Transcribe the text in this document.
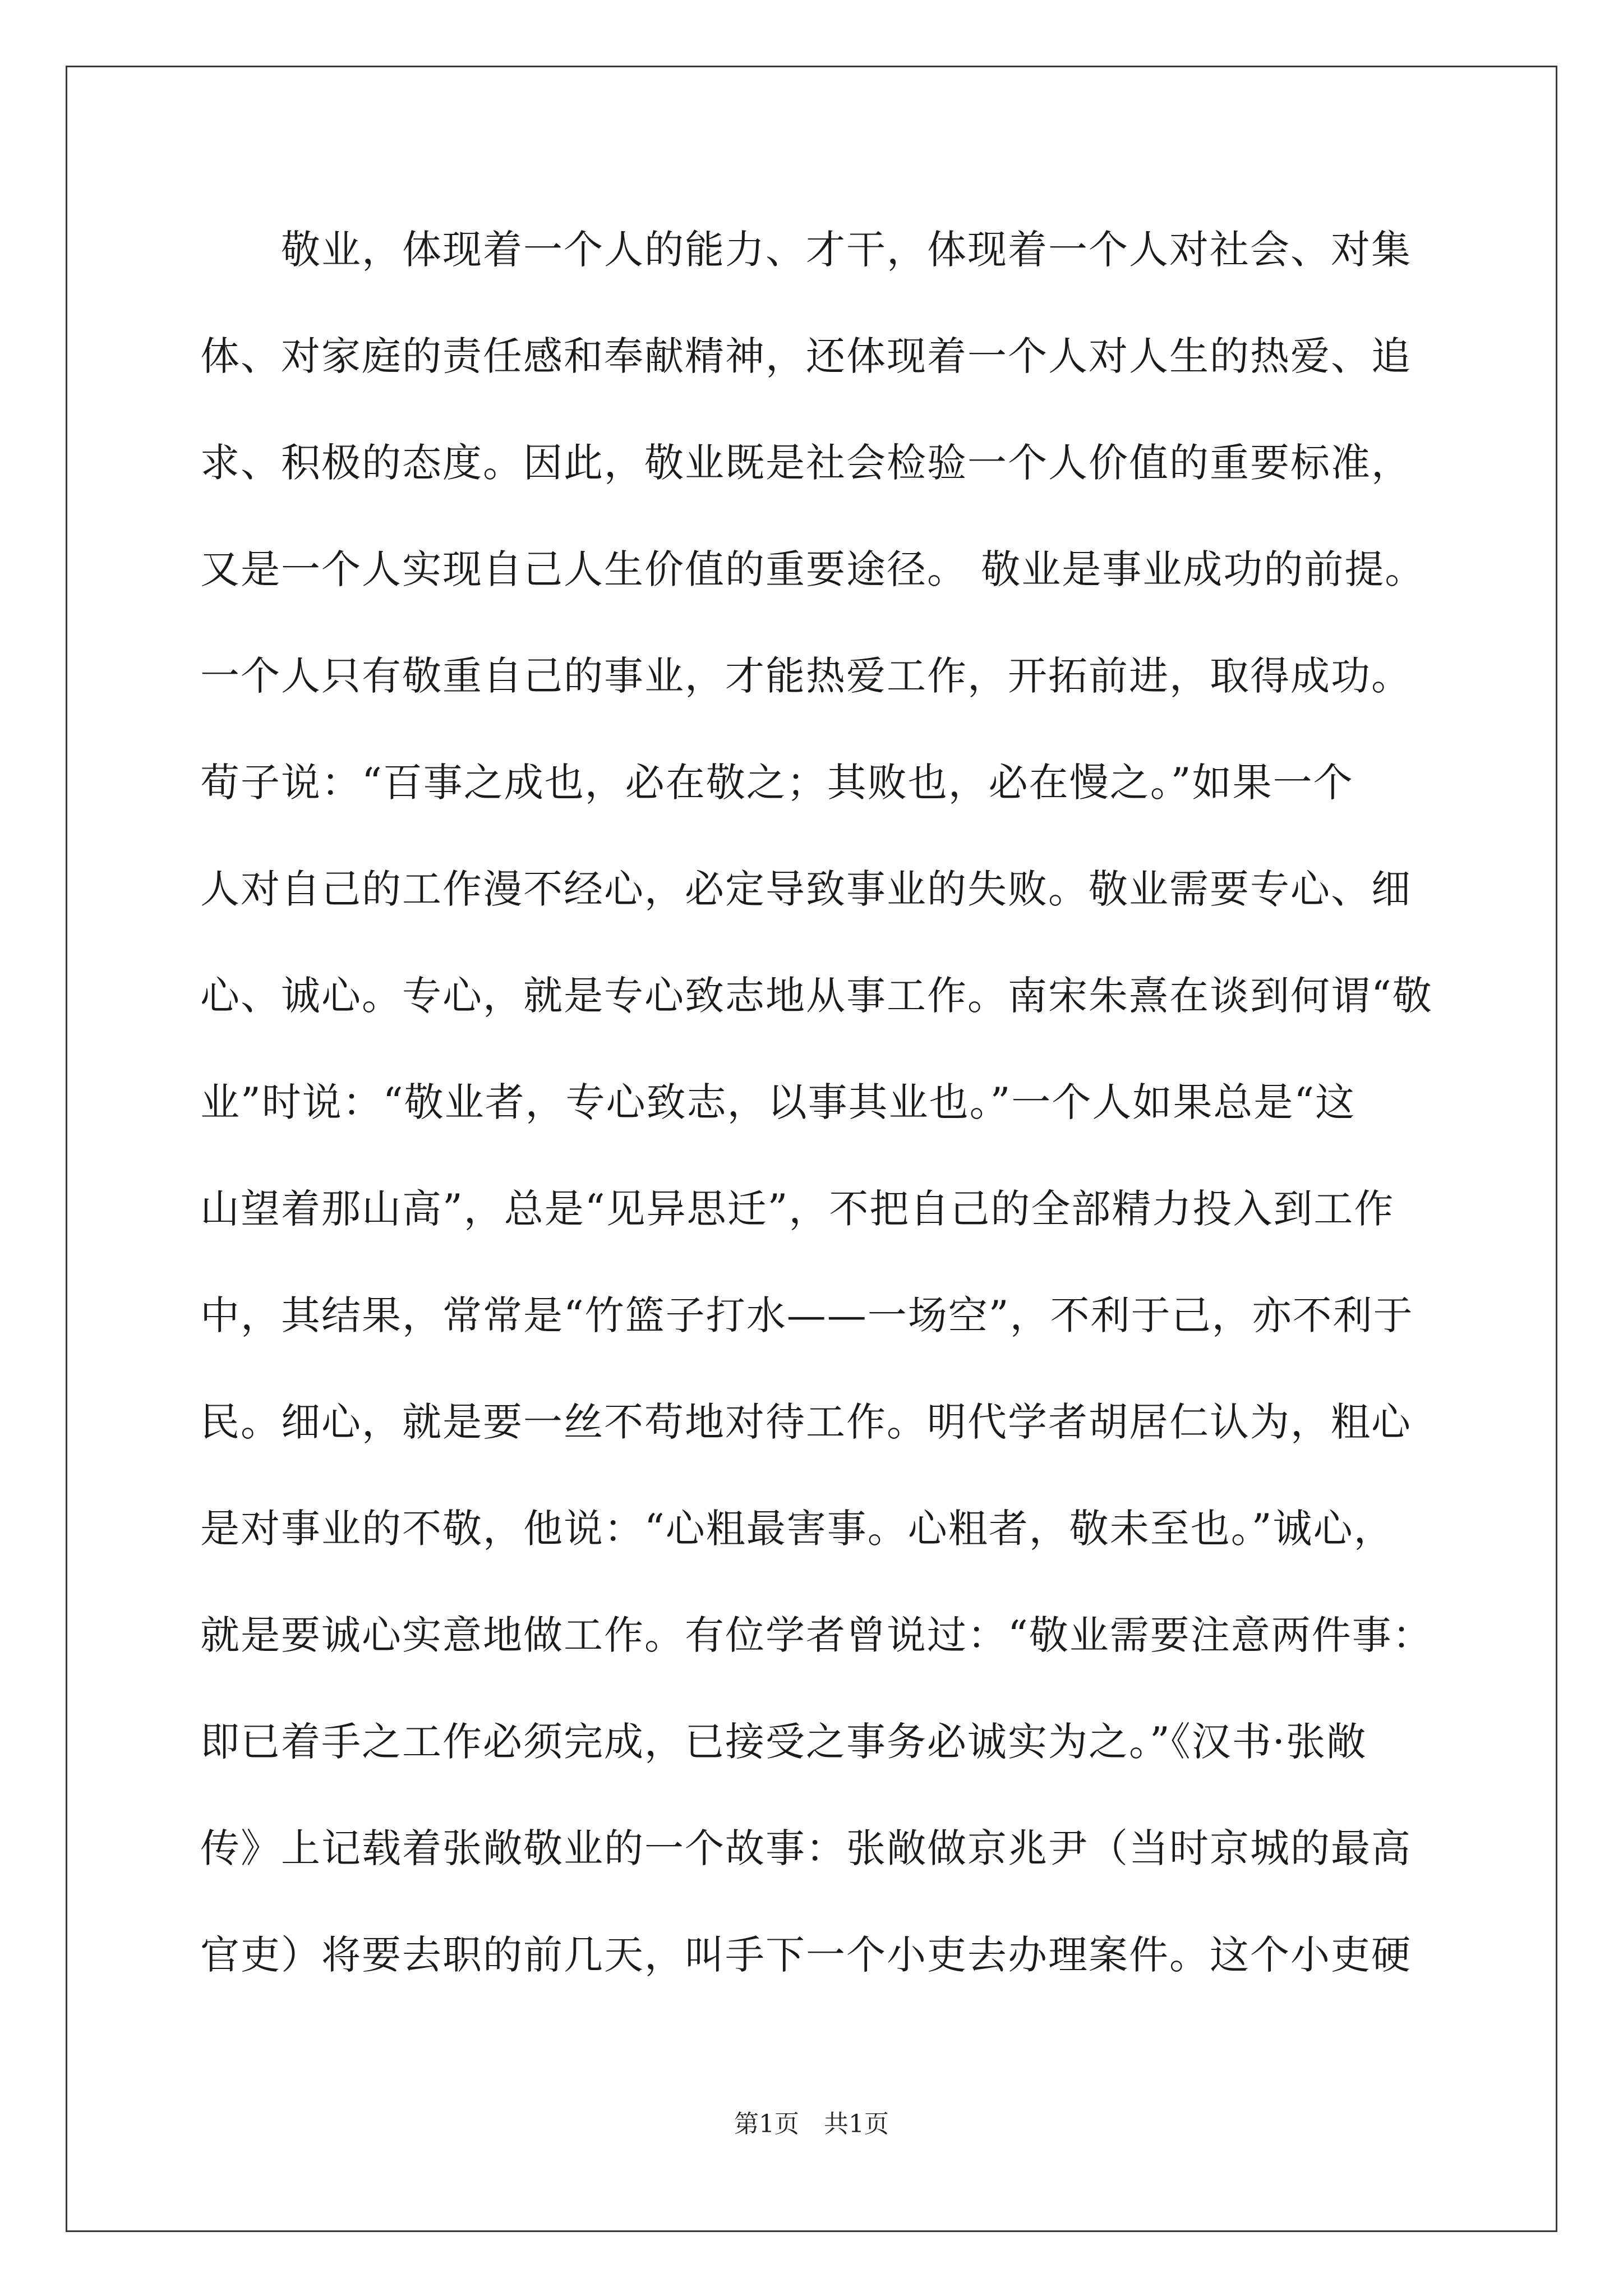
　　敬业，体现着一个人的能力、才干，体现着一个人对社会、对集
体、对家庭的责任感和奉献精神，还体现着一个人对人生的热爱、追
求、积极的态度。因此，敬业既是社会检验一个人价值的重要标准，
又是一个人实现自己人生价值的重要途径。 敬业是事业成功的前提。
一个人只有敬重自己的事业，才能热爱工作，开拓前进，取得成功。
荀子说：“百事之成也，必在敬之；其败也，必在慢之。”如果一个
人对自己的工作漫不经心，必定导致事业的失败。敬业需要专心、细
心、诚心。专心，就是专心致志地从事工作。南宋朱熹在谈到何谓“敬
业”时说：“敬业者，专心致志，以事其业也。”一个人如果总是“这
山望着那山高”，总是“见异思迁”，不把自己的全部精力投入到工作
中，其结果，常常是“竹篮子打水——一场空”，不利于己，亦不利于
民。细心，就是要一丝不苟地对待工作。明代学者胡居仁认为，粗心
是对事业的不敬，他说：“心粗最害事。心粗者，敬未至也。”诚心，
就是要诚心实意地做工作。有位学者曾说过：“敬业需要注意两件事：
即已着手之工作必须完成，已接受之事务必诚实为之。”《汉书·张敞
传》上记载着张敞敬业的一个故事：张敞做京兆尹（当时京城的最高
官吏）将要去职的前几天，叫手下一个小吏去办理案件。这个小吏硬
第1页　共1页
